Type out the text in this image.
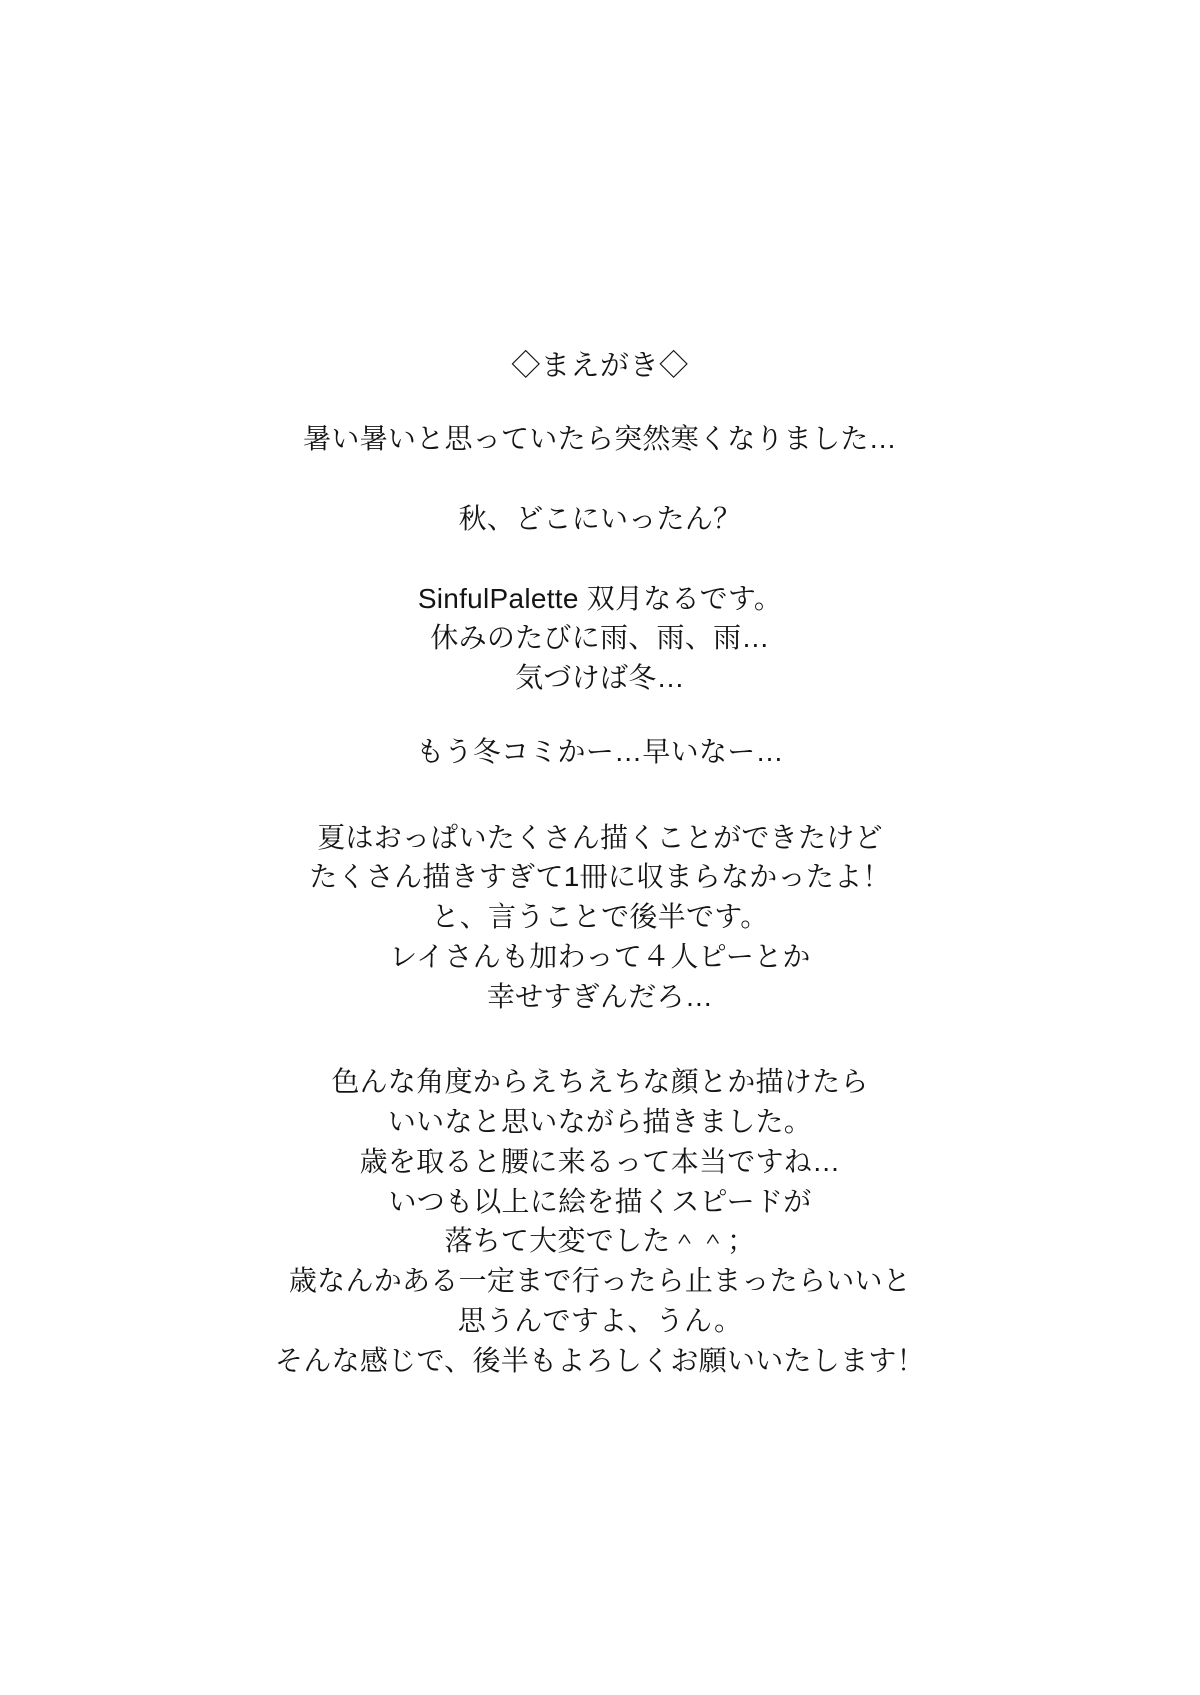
◇まえがき◇
暑い暑いと思っていたら突然寒くなりました…
秋、どこにいったん？
SinfulPalette 双月なるです。
休みのたびに雨、雨、雨…
気づけば冬…
もう冬コミかー…早いなー…
夏はおっぱいたくさん描くことができたけど
たくさん描きすぎて1冊に収まらなかったよ！
と、言うことで後半です。
レイさんも加わって４人ピーとか
幸せすぎんだろ…
色んな角度からえちえちな顔とか描けたら
いいなと思いながら描きました。
歳を取ると腰に来るって本当ですね…
いつも以上に絵を描くスピードが
落ちて大変でした＾＾；
歳なんかある一定まで行ったら止まったらいいと
思うんですよ、うん。
そんな感じで、後半もよろしくお願いいたします！
